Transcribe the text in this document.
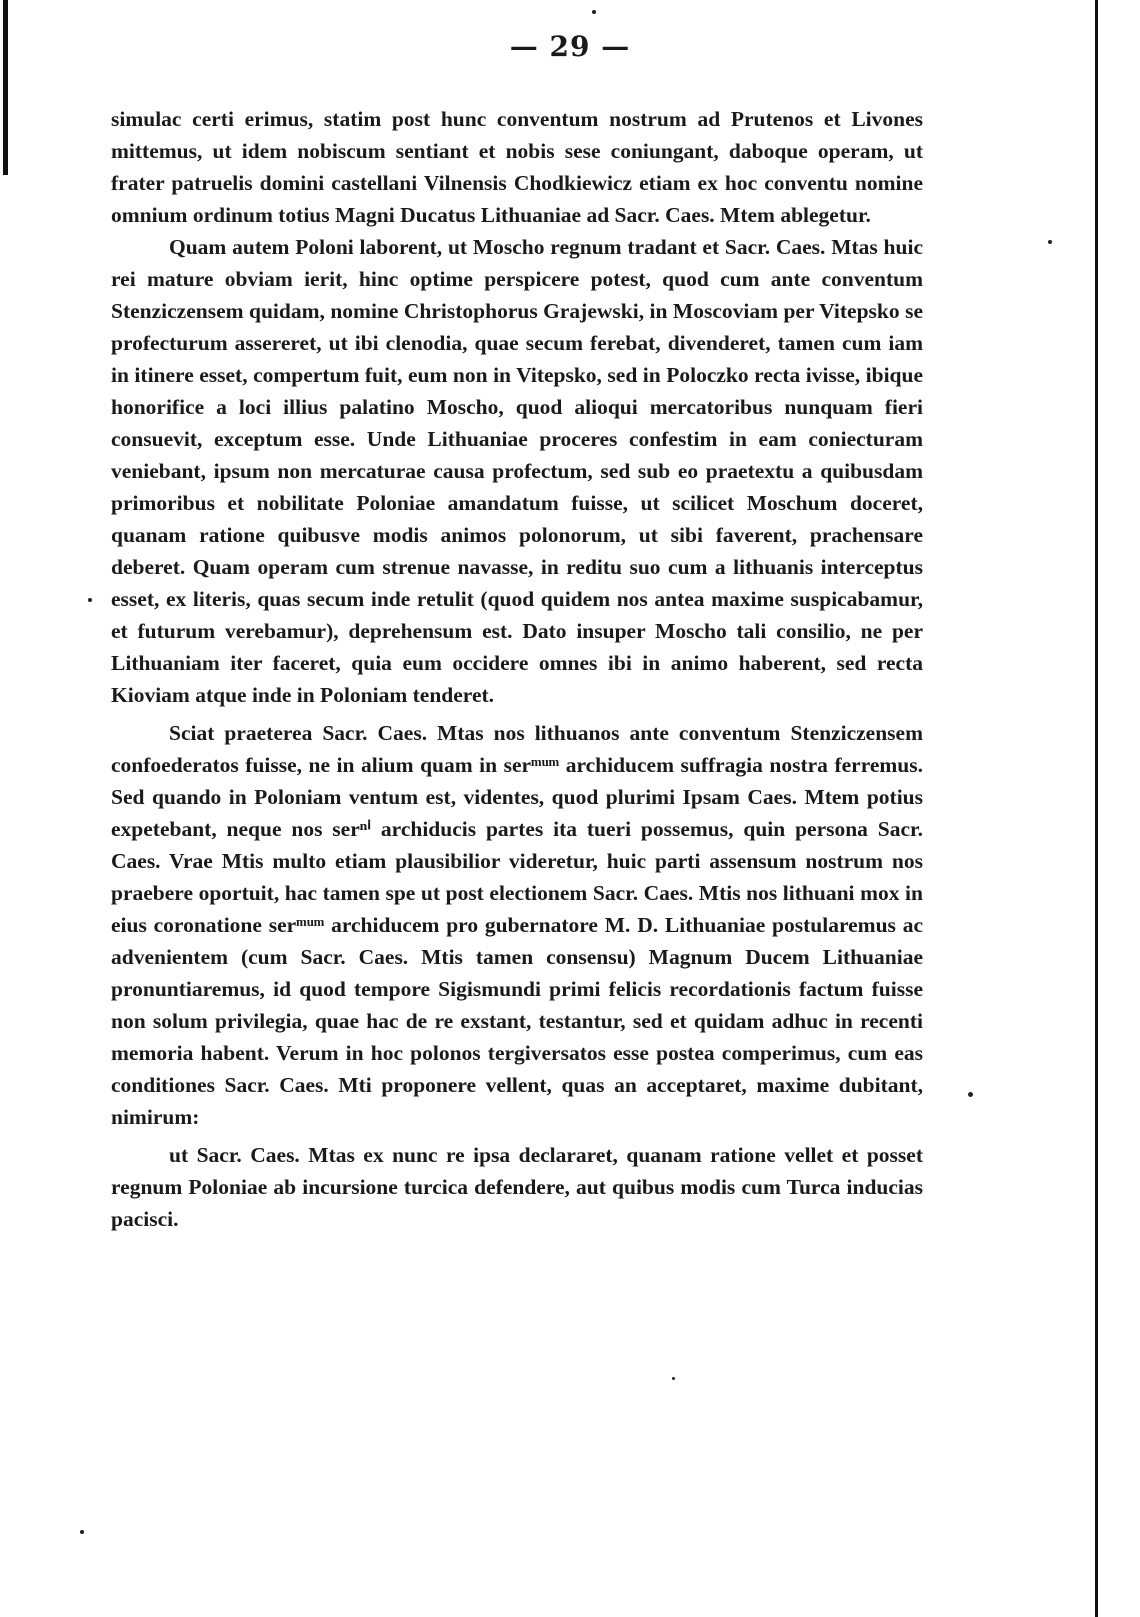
— 29 —

simulac certi erimus, statim post hunc conventum nostrum ad Prutenos et Livones mittemus, ut idem nobiscum sentiant et nobis sese coniungant, daboque operam, ut frater patruelis domini castellani Vilnensis Chodkiewicz etiam ex hoc conventu nomine omnium ordinum totius Magni Ducatus Lithuaniae ad Sacr. Caes. Mtem ablegetur.

Quam autem Poloni laborent, ut Moscho regnum tradant et Sacr. Caes. Mtas huic rei mature obviam ierit, hinc optime perspicere potest, quod cum ante conventum Stenziczensem quidam, nomine Christophorus Grajewski, in Moscoviam per Vitepsko se profecturum assereret, ut ibi clenodia, quae secum ferebat, divenderet, tamen cum iam in itinere esset, compertum fuit, eum non in Vitepsko, sed in Poloczko recta ivisse, ibique honorifice a loci illius palatino Moscho, quod alioqui mercatoribus nunquam fieri consuevit, exceptum esse. Unde Lithuaniae proceres confestim in eam coniecturam veniebant, ipsum non mercaturae causa profectum, sed sub eo praetextu a quibusdam primoribus et nobilitate Poloniae amandatum fuisse, ut scilicet Moschum doceret, quanam ratione quibusve modis animos polonorum, ut sibi faverent, prachensare deberet. Quam operam cum strenue navasse, in reditu suo cum a lithuanis interceptus esset, ex literis, quas secum inde retulit (quod quidem nos antea maxime suspicabamur, et futurum verebamur), deprehensum est. Dato insuper Moscho tali consilio, ne per Lithuaniam iter faceret, quia eum occidere omnes ibi in animo haberent, sed recta Kioviam atque inde in Poloniam tenderet.

Sciat praeterea Sacr. Caes. Mtas nos lithuanos ante conventum Stenziczensem confoederatos fuisse, ne in alium quam in serᵐᵘᵐ archiducem suffragia nostra ferremus. Sed quando in Poloniam ventum est, videntes, quod plurimi Ipsam Caes. Mtem potius expetebant, neque nos serⁿⁱ archiducis partes ita tueri possemus, quin persona Sacr. Caes. Vrae Mtis multo etiam plausibilior videretur, huic parti assensum nostrum nos praebere oportuit, hac tamen spe ut post electionem Sacr. Caes. Mtis nos lithuani mox in eius coronatione serᵐᵘᵐ archiducem pro gubernatore M. D. Lithuaniae postularemus ac advenientem (cum Sacr. Caes. Mtis tamen consensu) Magnum Ducem Lithuaniae pronuntiaremus, id quod tempore Sigismundi primi felicis recordationis factum fuisse non solum privilegia, quae hac de re exstant, testantur, sed et quidam adhuc in recenti memoria habent. Verum in hoc polonos tergiversatos esse postea comperimus, cum eas conditiones Sacr. Caes. Mti proponere vellent, quas an acceptaret, maxime dubitant, nimirum:

ut Sacr. Caes. Mtas ex nunc re ipsa declararet, quanam ratione vellet et posset regnum Poloniae ab incursione turcica defendere, aut quibus modis cum Turca inducias pacisci.
